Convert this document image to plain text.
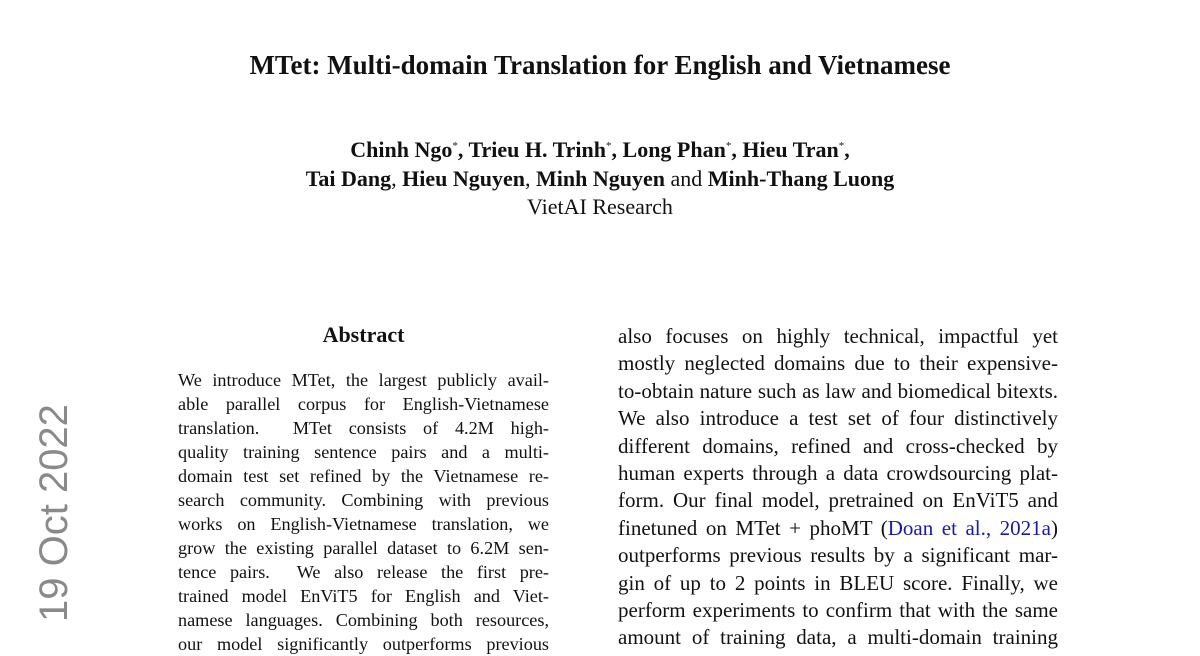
MTet: Multi-domain Translation for English and Vietnamese
Chinh Ngo*, Trieu H. Trinh*, Long Phan*, Hieu Tran*,
Tai Dang, Hieu Nguyen, Minh Nguyen and Minh-Thang Luong
VietAI Research
19 Oct 2022
Abstract
We introduce MTet, the largest publicly avail-
able parallel corpus for English-Vietnamese
translation.  MTet consists of 4.2M high-
quality training sentence pairs and a multi-
domain test set refined by the Vietnamese re-
search community. Combining with previous
works on English-Vietnamese translation, we
grow the existing parallel dataset to 6.2M sen-
tence pairs.  We also release the first pre-
trained model EnViT5 for English and Viet-
namese languages. Combining both resources,
our model significantly outperforms previous
also focuses on highly technical, impactful yet
mostly neglected domains due to their expensive-
to-obtain nature such as law and biomedical bitexts.
We also introduce a test set of four distinctively
different domains, refined and cross-checked by
human experts through a data crowdsourcing plat-
form. Our final model, pretrained on EnViT5 and
finetuned on MTet + phoMT (Doan et al., 2021a)
outperforms previous results by a significant mar-
gin of up to 2 points in BLEU score. Finally, we
perform experiments to confirm that with the same
amount of training data, a multi-domain training
